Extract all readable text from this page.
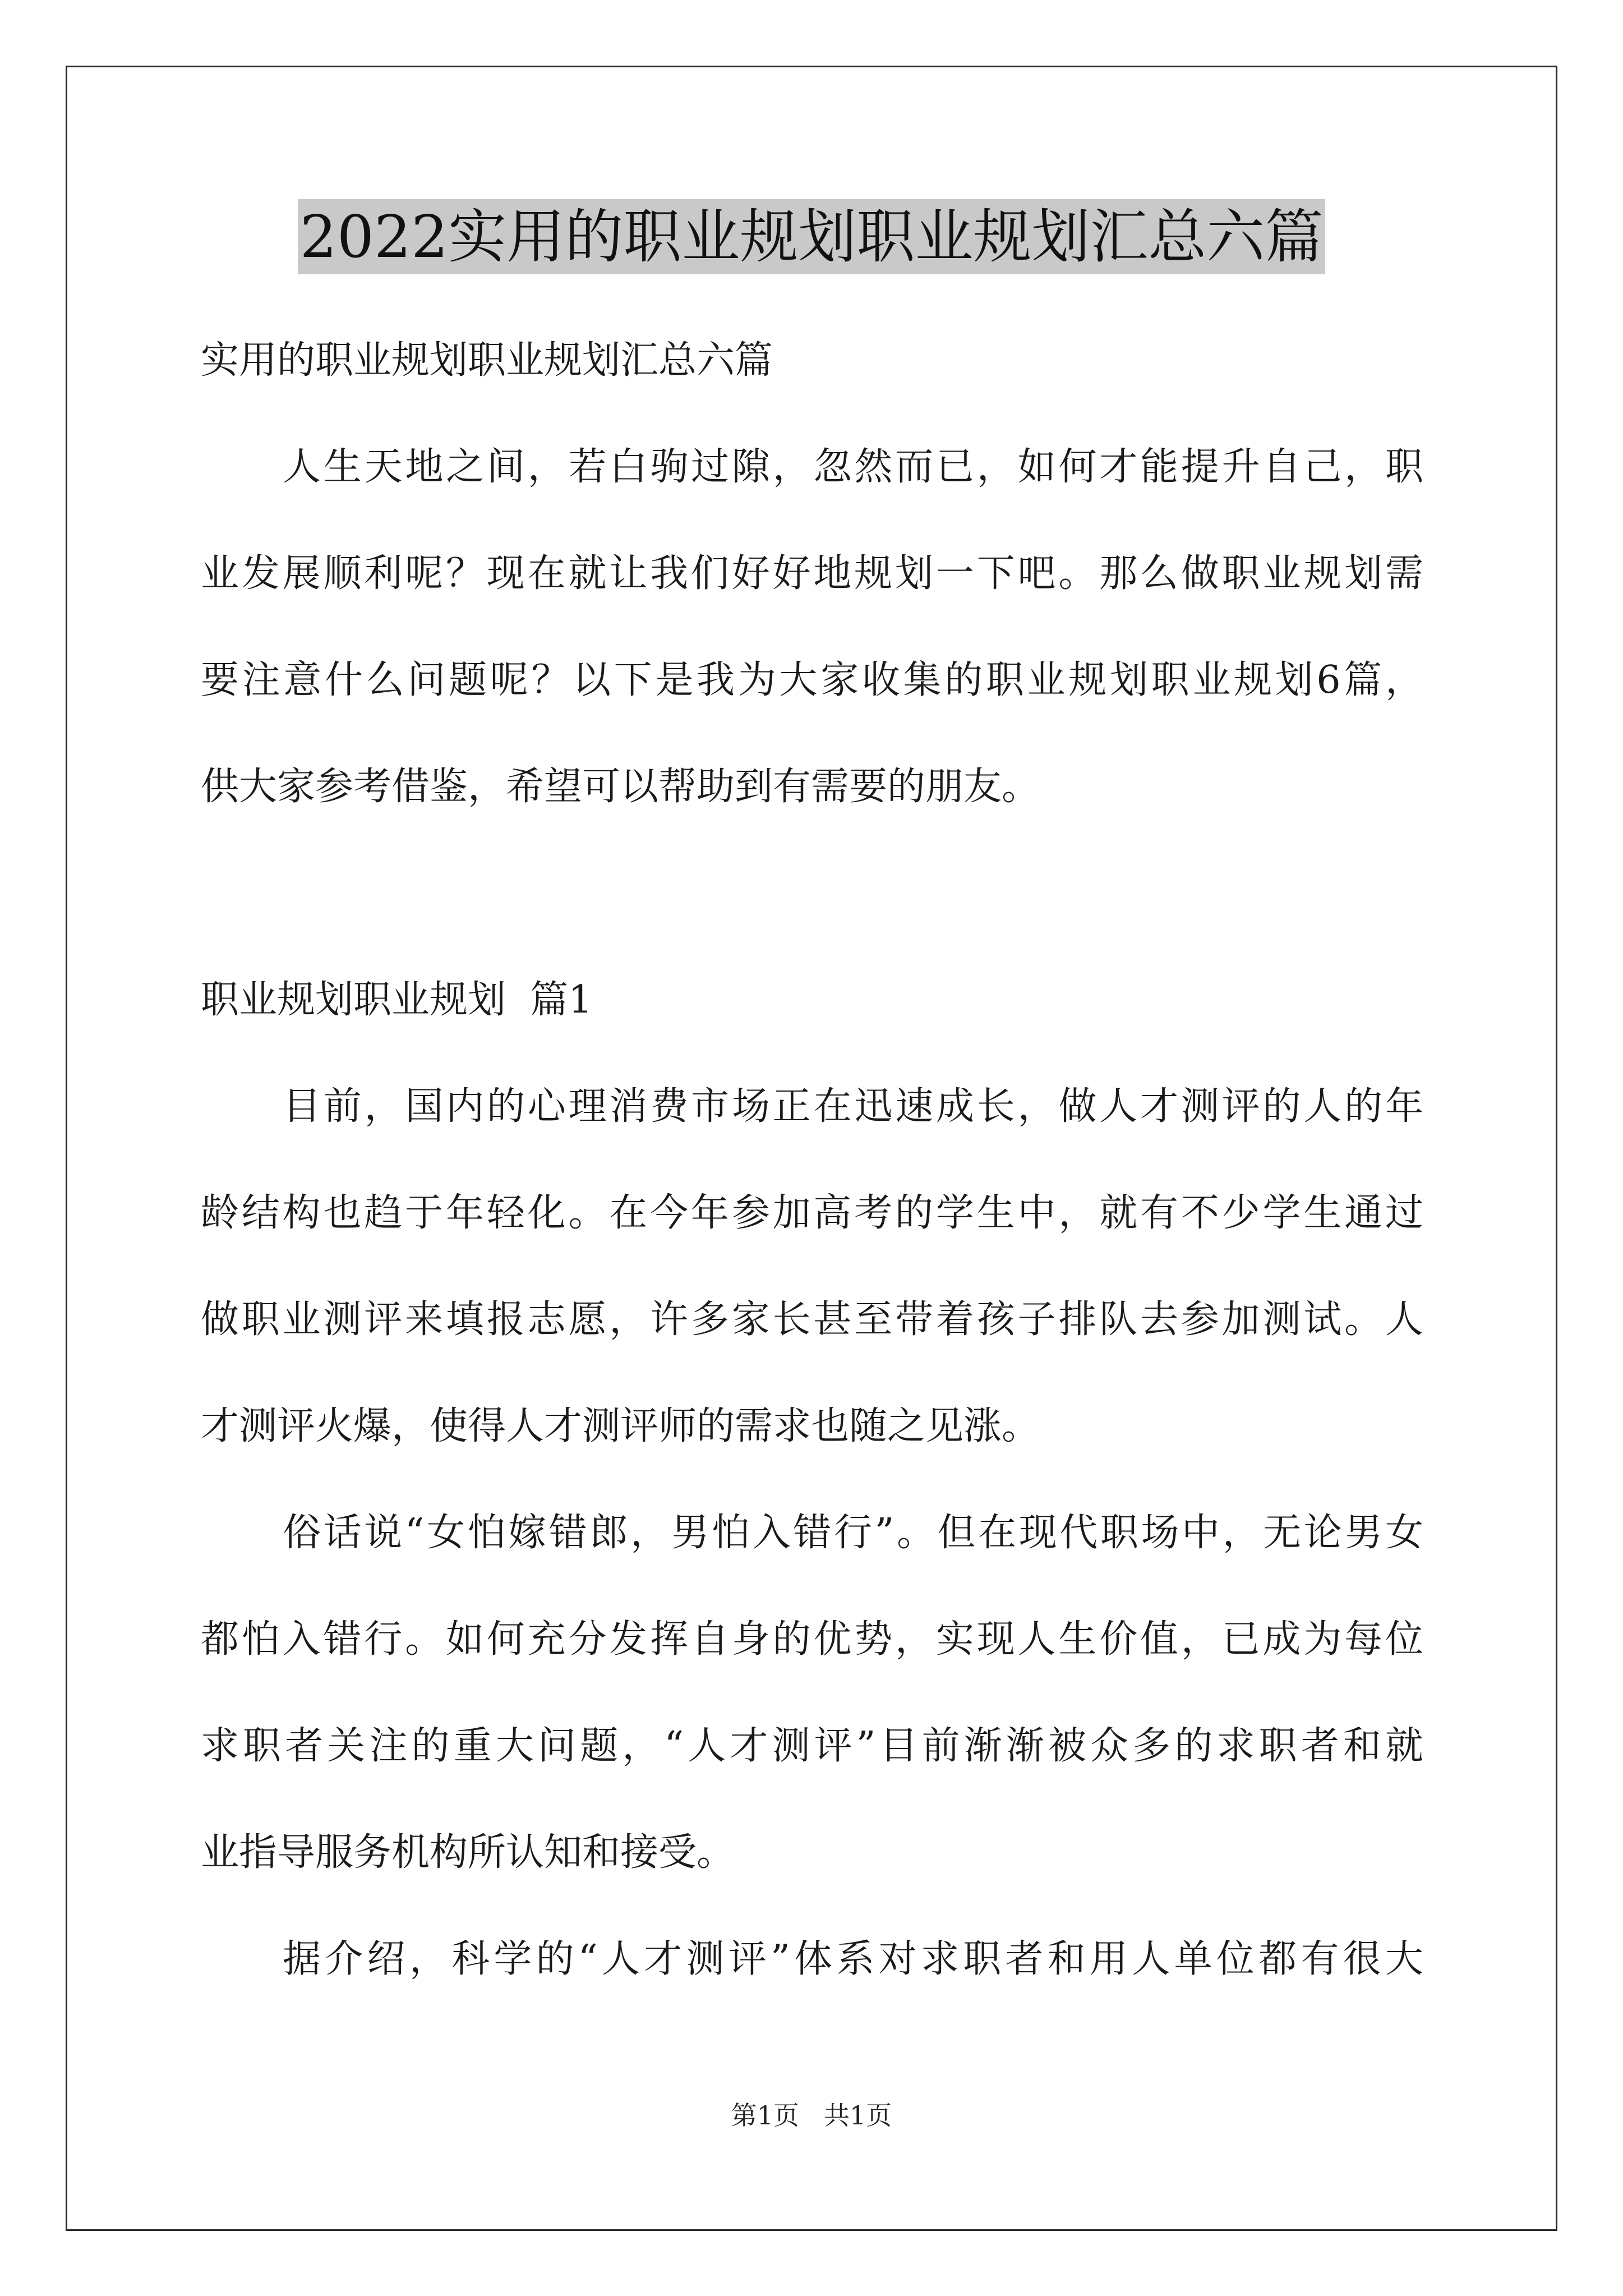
2022实用的职业规划职业规划汇总六篇
实用的职业规划职业规划汇总六篇
人生天地之间，若白驹过隙，忽然而已，如何才能提升自己，职
业发展顺利呢？现在就让我们好好地规划一下吧。那么做职业规划需
要注意什么问题呢？以下是我为大家收集的职业规划职业规划6篇，
供大家参考借鉴，希望可以帮助到有需要的朋友。
职业规划职业规划  篇1
目前，国内的心理消费市场正在迅速成长，做人才测评的人的年
龄结构也趋于年轻化。在今年参加高考的学生中，就有不少学生通过
做职业测评来填报志愿，许多家长甚至带着孩子排队去参加测试。人
才测评火爆，使得人才测评师的需求也随之见涨。
俗话说“女怕嫁错郎，男怕入错行”。但在现代职场中，无论男女
都怕入错行。如何充分发挥自身的优势，实现人生价值，已成为每位
求职者关注的重大问题，“人才测评”目前渐渐被众多的求职者和就
业指导服务机构所认知和接受。
据介绍，科学的“人才测评”体系对求职者和用人单位都有很大
第1页 共1页
